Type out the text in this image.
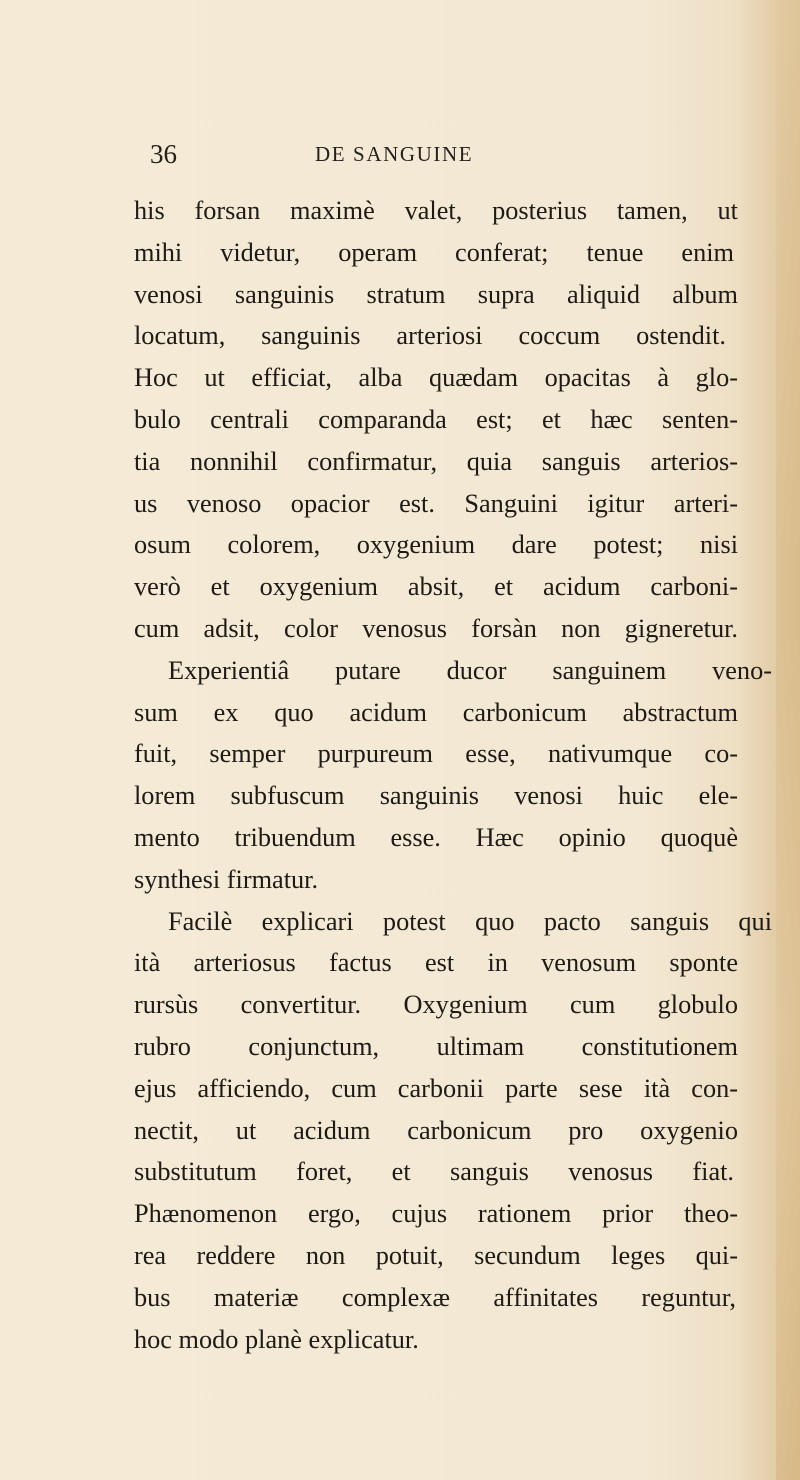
36	DE SANGUINE
his forsan maximè valet, posterius tamen, ut
mihi videtur, operam conferat; tenue enim
venosi sanguinis stratum supra aliquid album
locatum, sanguinis arteriosi coccum ostendit.
Hoc ut efficiat, alba quædam opacitas à glo-
bulo centrali comparanda est; et hæc senten-
tia nonnihil confirmatur, quia sanguis arterios-
us venoso opacior est. Sanguini igitur arteri-
osum colorem, oxygenium dare potest; nisi
verò et oxygenium absit, et acidum carboni-
cum adsit, color venosus forsàn non gigneretur.
Experientiâ putare ducor sanguinem veno-
sum ex quo acidum carbonicum abstractum
fuit, semper purpureum esse, nativumque co-
lorem subfuscum sanguinis venosi huic ele-
mento tribuendum esse. Hæc opinio quoquè
synthesi firmatur.
Facilè explicari potest quo pacto sanguis qui
ità arteriosus factus est in venosum sponte
rursùs convertitur. Oxygenium cum globulo
rubro conjunctum, ultimam constitutionem
ejus afficiendo, cum carbonii parte sese ità con-
nectit, ut acidum carbonicum pro oxygenio
substitutum foret, et sanguis venosus fiat.
Phænomenon ergo, cujus rationem prior theo-
rea reddere non potuit, secundum leges qui-
bus materiæ complexæ affinitates reguntur,
hoc modo planè explicatur.
